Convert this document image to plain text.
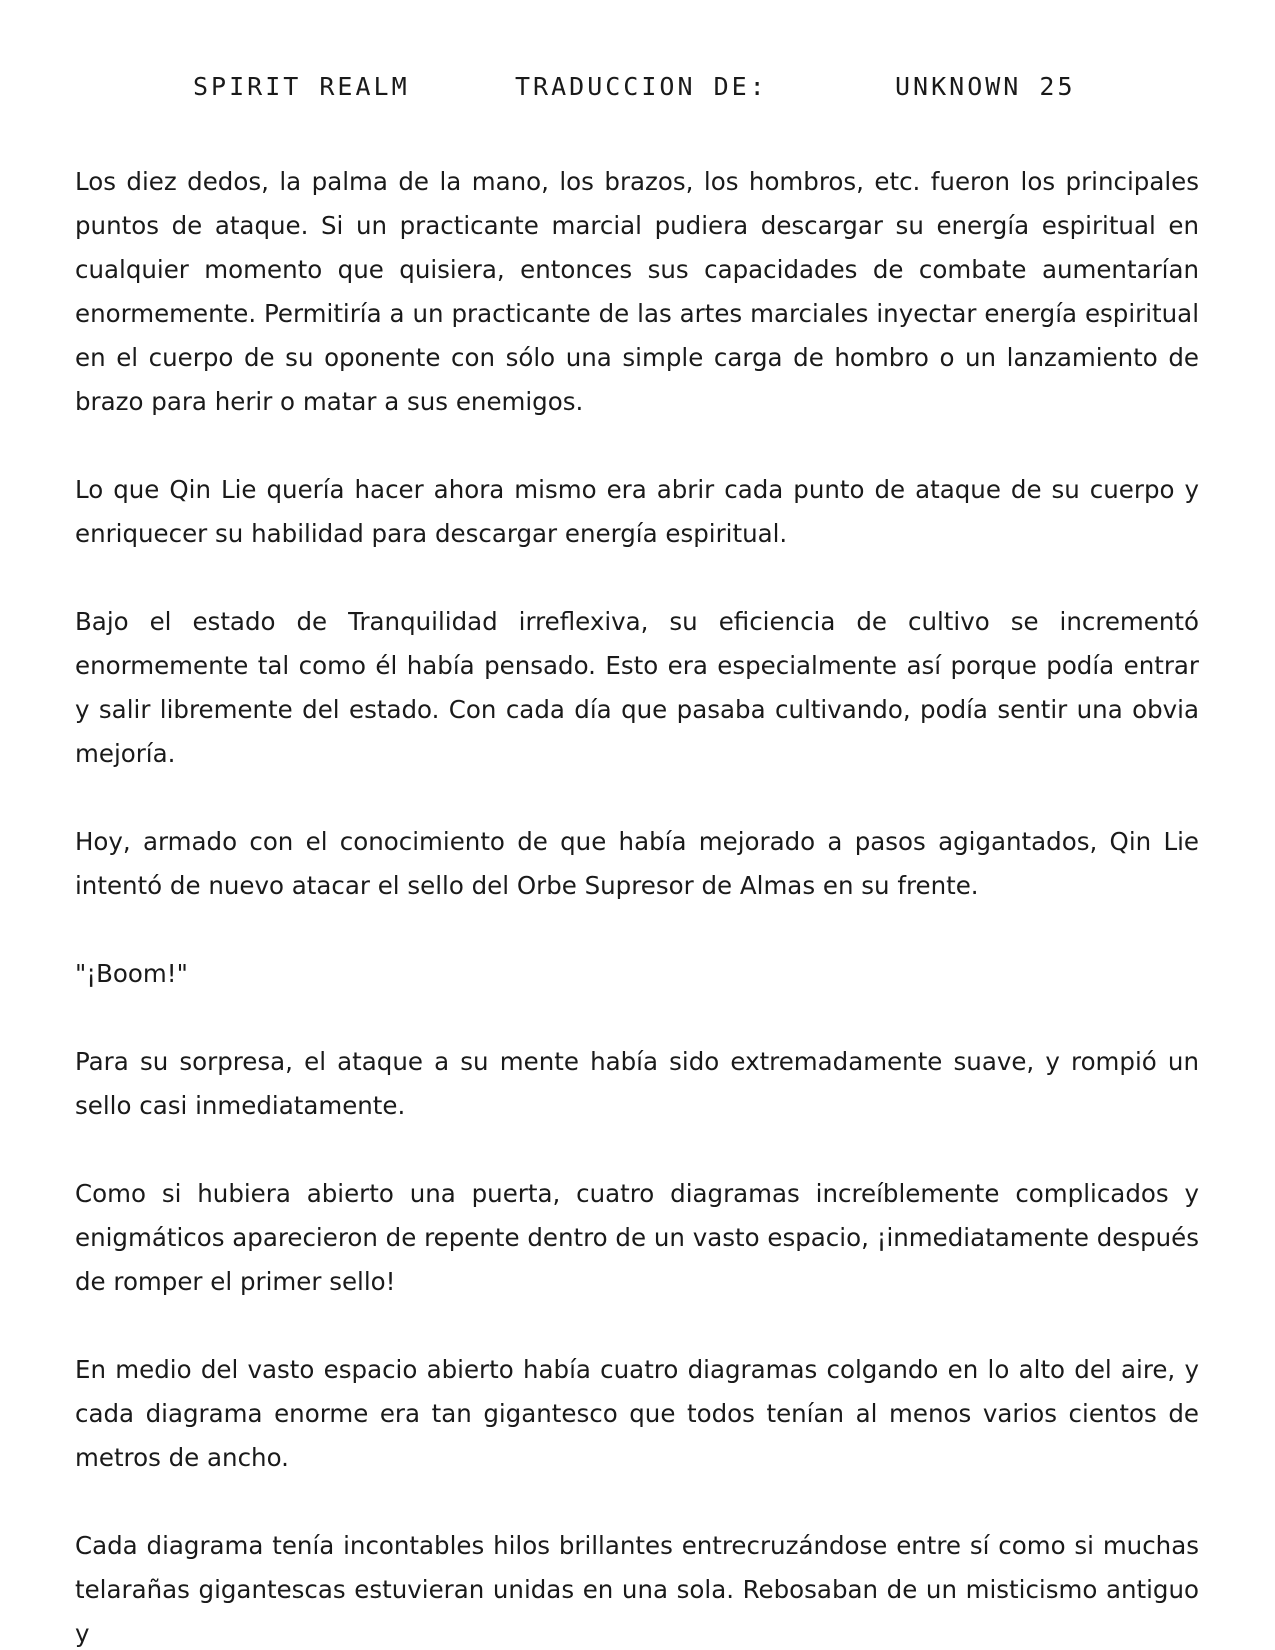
SPIRIT REALM	TRADUCCION DE:	UNKNOWN 25

Los diez dedos, la palma de la mano, los brazos, los hombros, etc. fueron los principales puntos de ataque. Si un practicante marcial pudiera descargar su energía espiritual en cualquier momento que quisiera, entonces sus capacidades de combate aumentarían enormemente. Permitiría a un practicante de las artes marciales inyectar energía espiritual en el cuerpo de su oponente con sólo una simple carga de hombro o un lanzamiento de brazo para herir o matar a sus enemigos.

Lo que Qin Lie quería hacer ahora mismo era abrir cada punto de ataque de su cuerpo y enriquecer su habilidad para descargar energía espiritual.

Bajo el estado de Tranquilidad irreflexiva, su eficiencia de cultivo se incrementó enormemente tal como él había pensado. Esto era especialmente así porque podía entrar y salir libremente del estado. Con cada día que pasaba cultivando, podía sentir una obvia mejoría.

Hoy, armado con el conocimiento de que había mejorado a pasos agigantados, Qin Lie intentó de nuevo atacar el sello del Orbe Supresor de Almas en su frente.

"¡Boom!"

Para su sorpresa, el ataque a su mente había sido extremadamente suave, y rompió un sello casi inmediatamente.

Como si hubiera abierto una puerta, cuatro diagramas increíblemente complicados y enigmáticos aparecieron de repente dentro de un vasto espacio, ¡inmediatamente después de romper el primer sello!

En medio del vasto espacio abierto había cuatro diagramas colgando en lo alto del aire, y cada diagrama enorme era tan gigantesco que todos tenían al menos varios cientos de metros de ancho.

Cada diagrama tenía incontables hilos brillantes entrecruzándose entre sí como si muchas telarañas gigantescas estuvieran unidas en una sola. Rebosaban de un misticismo antiguo y
